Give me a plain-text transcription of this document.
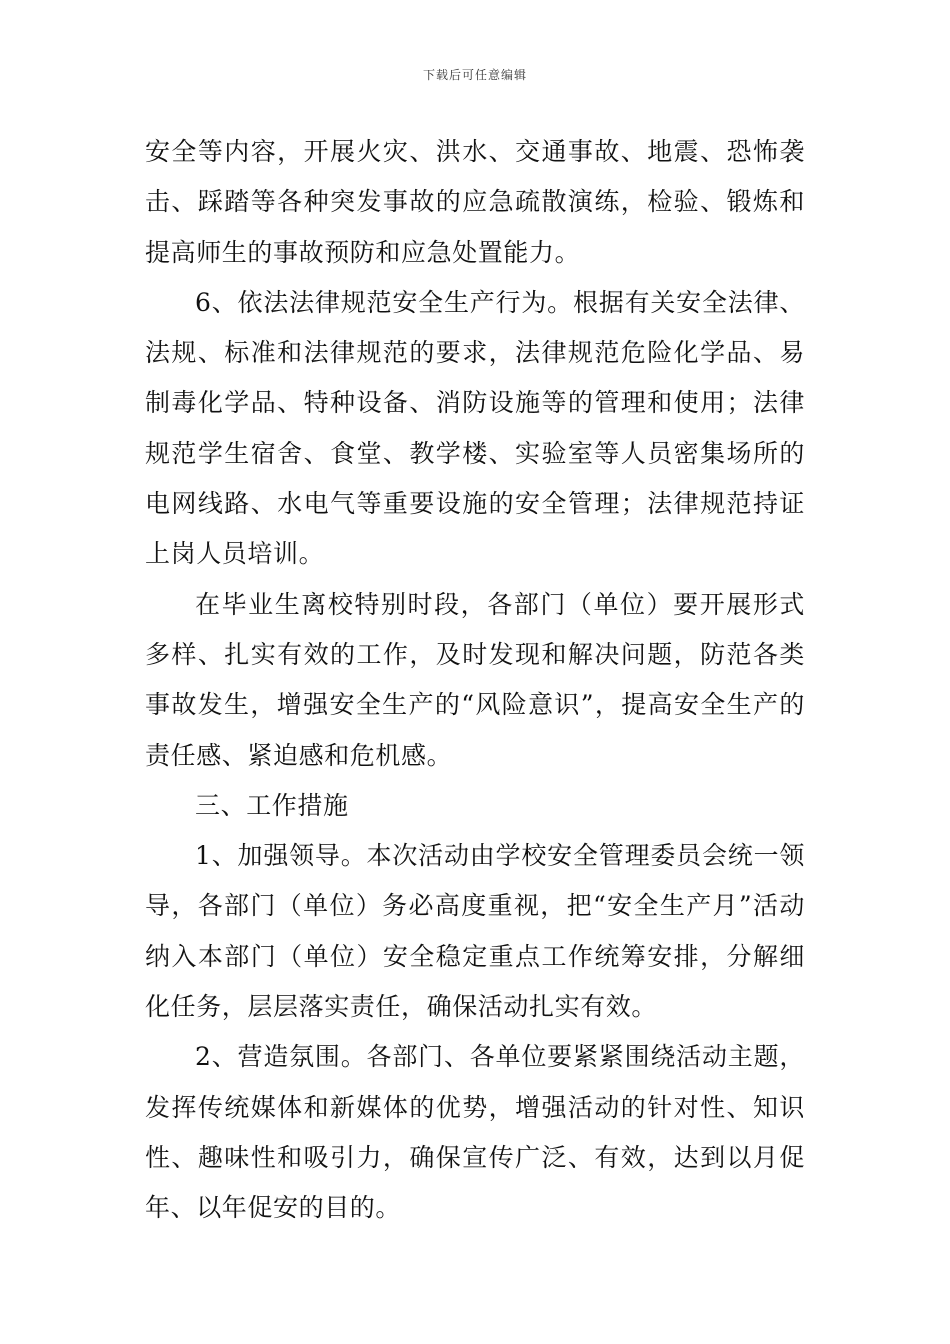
下载后可任意编辑

安全等内容，开展火灾、洪水、交通事故、地震、恐怖袭击、踩踏等各种突发事故的应急疏散演练，检验、锻炼和提高师生的事故预防和应急处置能力。

6、依法法律规范安全生产行为。根据有关安全法律、法规、标准和法律规范的要求，法律规范危险化学品、易制毒化学品、特种设备、消防设施等的管理和使用；法律规范学生宿舍、食堂、教学楼、实验室等人员密集场所的电网线路、水电气等重要设施的安全管理；法律规范持证上岗人员培训。

在毕业生离校特别时段，各部门（单位）要开展形式多样、扎实有效的工作，及时发现和解决问题，防范各类事故发生，增强安全生产的“风险意识”，提高安全生产的责任感、紧迫感和危机感。

三、工作措施

1、加强领导。本次活动由学校安全管理委员会统一领导，各部门（单位）务必高度重视，把“安全生产月”活动纳入本部门（单位）安全稳定重点工作统筹安排，分解细化任务，层层落实责任，确保活动扎实有效。

2、营造氛围。各部门、各单位要紧紧围绕活动主题，发挥传统媒体和新媒体的优势，增强活动的针对性、知识性、趣味性和吸引力，确保宣传广泛、有效，达到以月促年、以年促安的目的。
